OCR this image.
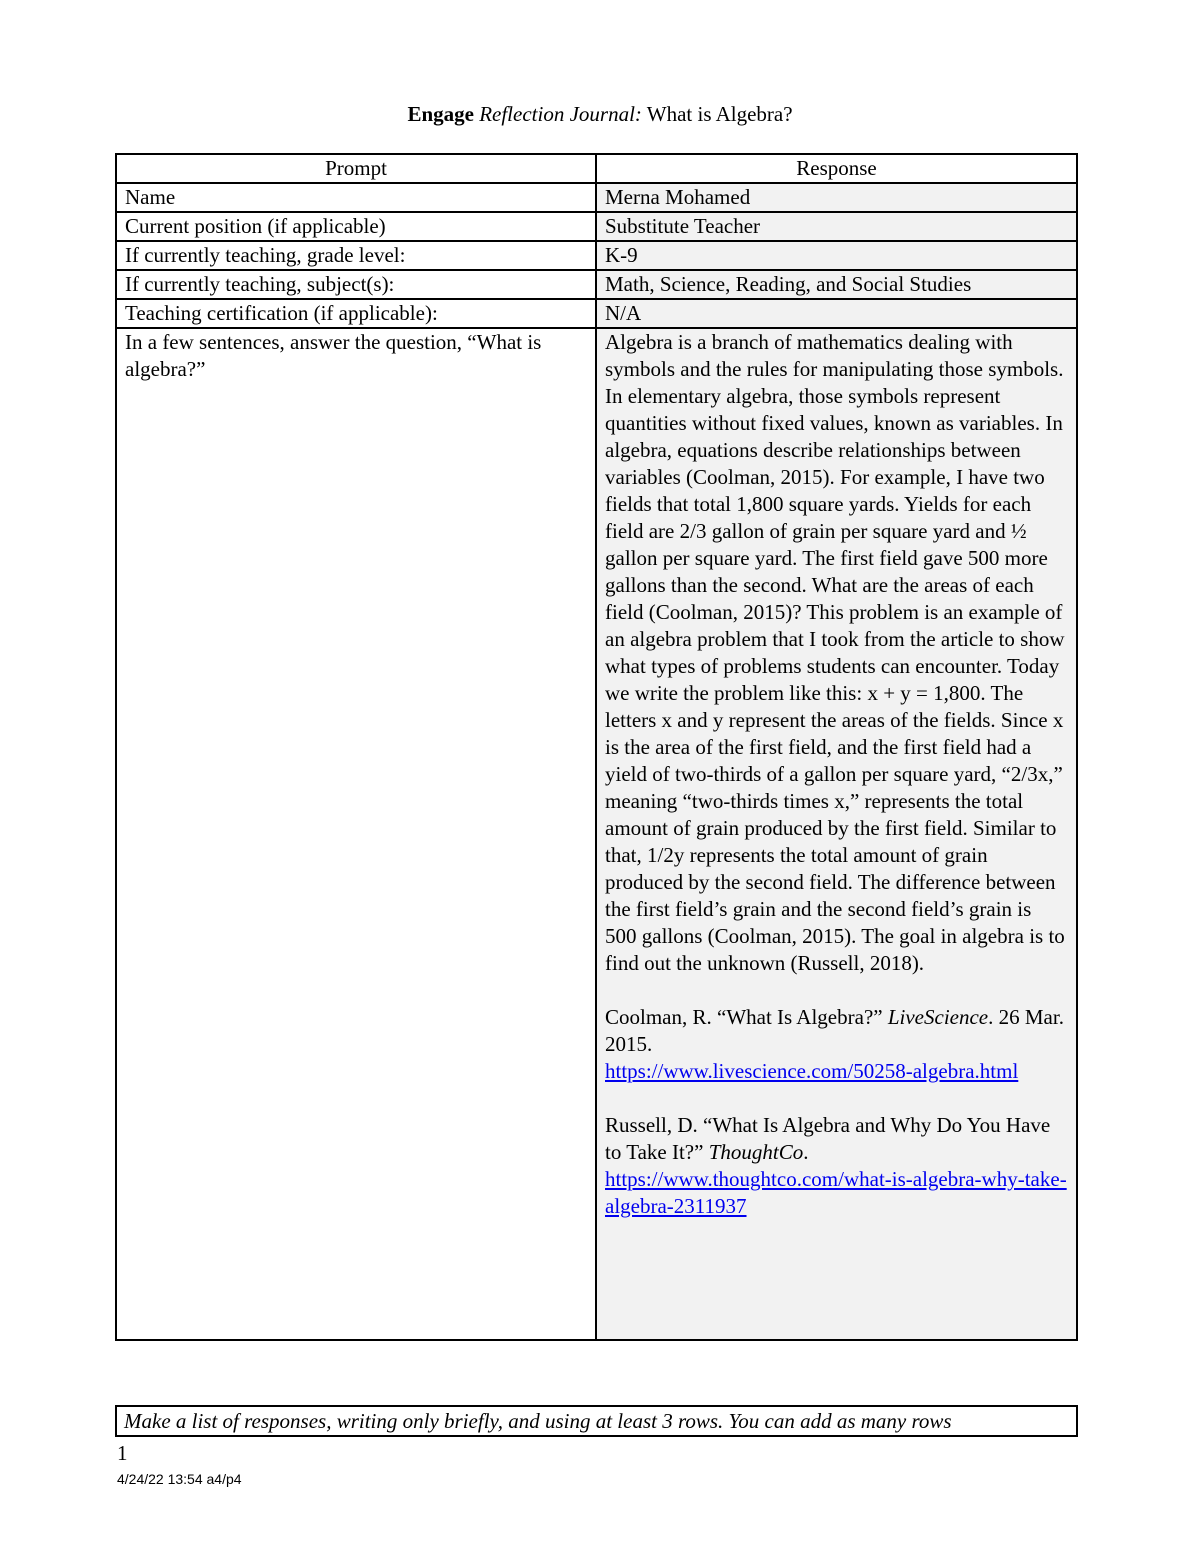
Engage Reflection Journal: What is Algebra?
Prompt	Response
Name	Merna Mohamed
Current position (if applicable)	Substitute Teacher
If currently teaching, grade level:	K-9
If currently teaching, subject(s):	Math, Science, Reading, and Social Studies
Teaching certification (if applicable):	N/A
In a few sentences, answer the question, “What is algebra?”	Algebra is a branch of mathematics dealing with symbols and the rules for manipulating those symbols. In elementary algebra, those symbols represent quantities without fixed values, known as variables. In algebra, equations describe relationships between variables (Coolman, 2015). For example, I have two fields that total 1,800 square yards. Yields for each field are 2/3 gallon of grain per square yard and ½ gallon per square yard. The first field gave 500 more gallons than the second. What are the areas of each field (Coolman, 2015)? This problem is an example of an algebra problem that I took from the article to show what types of problems students can encounter. Today we write the problem like this: x + y = 1,800. The letters x and y represent the areas of the fields. Since x is the area of the first field, and the first field had a yield of two-thirds of a gallon per square yard, “2/3x,” meaning “two-thirds times x,” represents the total amount of grain produced by the first field. Similar to that, 1/2y represents the total amount of grain produced by the second field. The difference between the first field’s grain and the second field’s grain is 500 gallons (Coolman, 2015). The goal in algebra is to find out the unknown (Russell, 2018).

Coolman, R. “What Is Algebra?” LiveScience. 26 Mar. 2015.
https://www.livescience.com/50258-algebra.html

Russell, D. “What Is Algebra and Why Do You Have to Take It?” ThoughtCo.
https://www.thoughtco.com/what-is-algebra-why-take-algebra-2311937

Make a list of responses, writing only briefly, and using at least 3 rows. You can add as many rows
1
4/24/22 13:54 a4/p4
